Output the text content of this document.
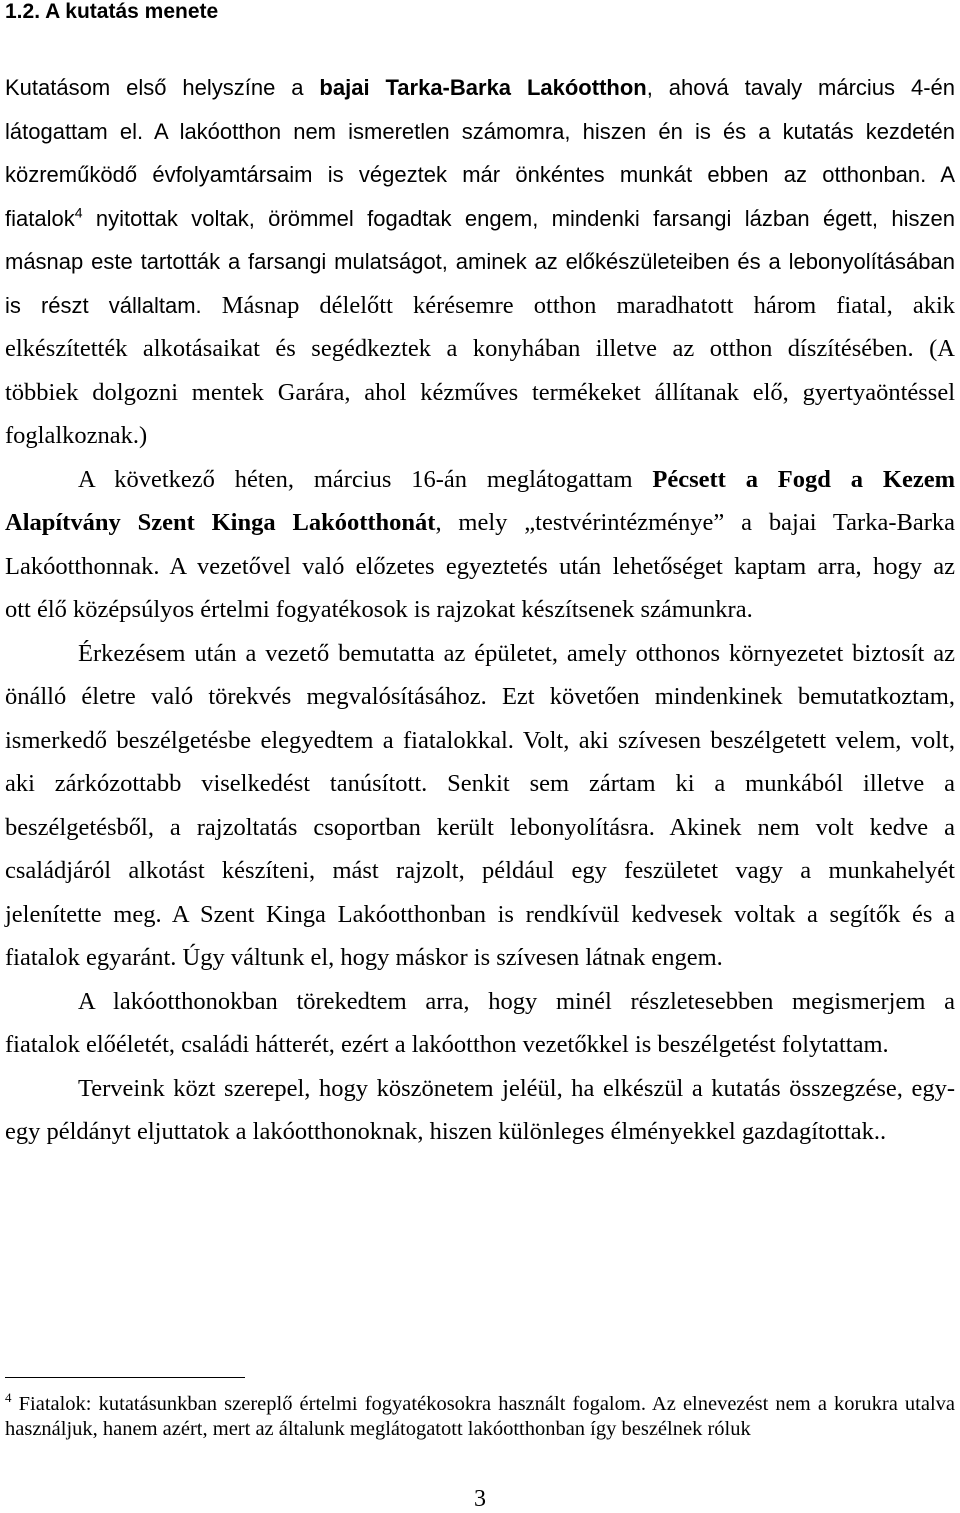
1.2. A kutatás menete
Kutatásom első helyszíne a bajai Tarka-Barka Lakóotthon, ahová tavaly március 4-én
látogattam el. A lakóotthon nem ismeretlen számomra, hiszen én is és a kutatás kezdetén
közreműködő évfolyamtársaim is végeztek már önkéntes munkát ebben az otthonban. A
fiatalok$^4$ nyitottak voltak, örömmel fogadtak engem, mindenki farsangi lázban égett, hiszen
másnap este tartották a farsangi mulatságot, aminek az előkészületeiben és a lebonyolításában
is részt vállaltam. Másnap délelőtt kérésemre otthon maradhatott három fiatal, akik
elkészítették alkotásaikat és segédkeztek a konyhában illetve az otthon díszítésében. (A
többiek dolgozni mentek Garára, ahol kézműves termékeket állítanak elő, gyertyaöntéssel
foglalkoznak.)
A következő héten, március 16-án meglátogattam Pécsett a Fogd a Kezem
Alapítvány Szent Kinga Lakóotthonát, mely „testvérintézménye” a bajai Tarka-Barka
Lakóotthonnak. A vezetővel való előzetes egyeztetés után lehetőséget kaptam arra, hogy az
ott élő középsúlyos értelmi fogyatékosok is rajzokat készítsenek számunkra.
Érkezésem után a vezető bemutatta az épületet, amely otthonos környezetet biztosít az
önálló életre való törekvés megvalósításához. Ezt követően mindenkinek bemutatkoztam,
ismerkedő beszélgetésbe elegyedtem a fiatalokkal. Volt, aki szívesen beszélgetett velem, volt,
aki zárkózottabb viselkedést tanúsított. Senkit sem zártam ki a munkából illetve a
beszélgetésből, a rajzoltatás csoportban került lebonyolításra. Akinek nem volt kedve a
családjáról alkotást készíteni, mást rajzolt, például egy feszületet vagy a munkahelyét
jelenítette meg. A Szent Kinga Lakóotthonban is rendkívül kedvesek voltak a segítők és a
fiatalok egyaránt. Úgy váltunk el, hogy máskor is szívesen látnak engem.
A lakóotthonokban törekedtem arra, hogy minél részletesebben megismerjem a
fiatalok előéletét, családi hátterét, ezért a lakóotthon vezetőkkel is beszélgetést folytattam.
Terveink közt szerepel, hogy köszönetem jeléül, ha elkészül a kutatás összegzése, egy-
egy példányt eljuttatok a lakóotthonoknak, hiszen különleges élményekkel gazdagítottak..
$^4$ Fiatalok: kutatásunkban szereplő értelmi fogyatékosokra használt fogalom. Az elnevezést nem a korukra utalva
használjuk, hanem azért, mert az általunk meglátogatott lakóotthonban így beszélnek róluk
3
